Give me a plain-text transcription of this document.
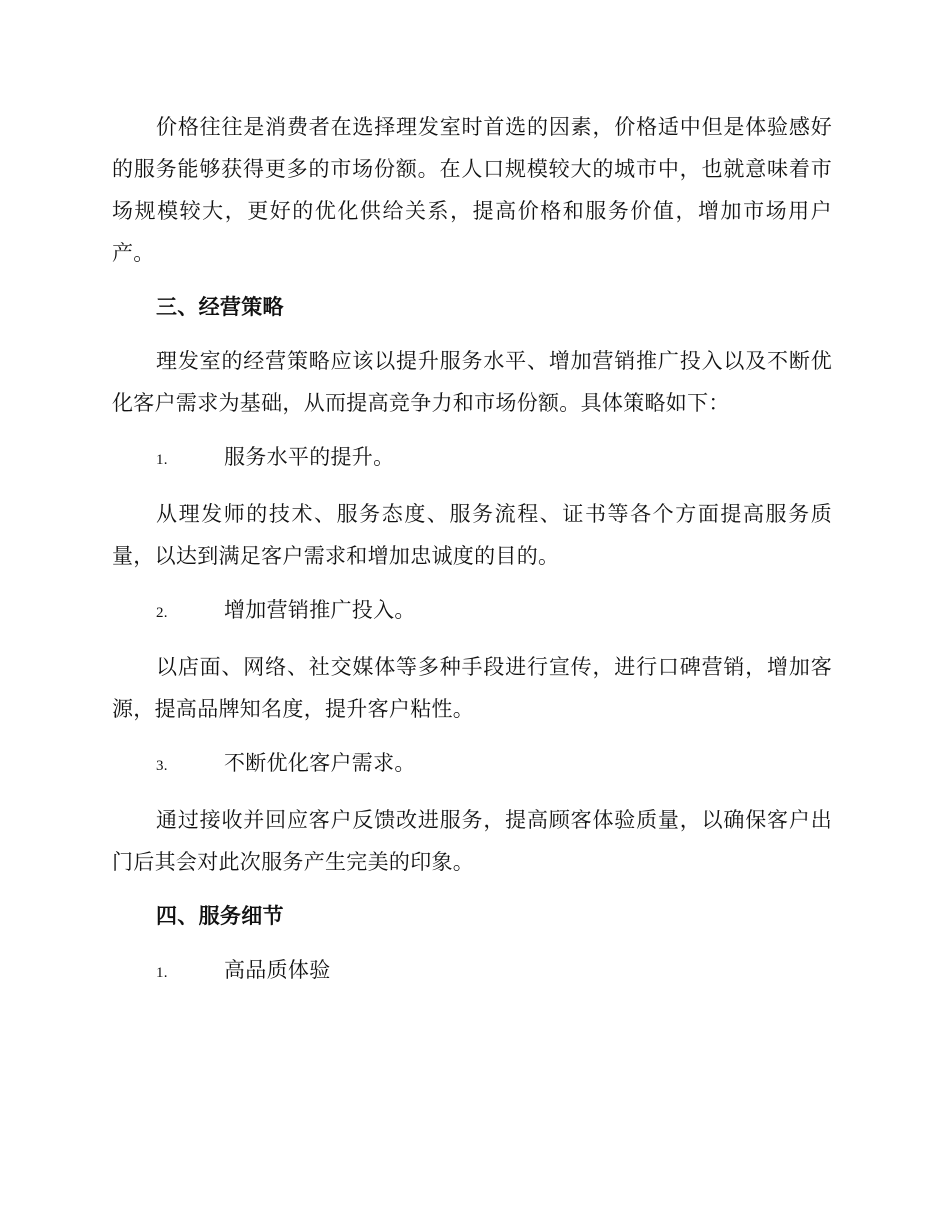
价格往往是消费者在选择理发室时首选的因素，价格适中但是体验感好的服务能够获得更多的市场份额。在人口规模较大的城市中，也就意味着市场规模较大，更好的优化供给关系，提高价格和服务价值，增加市场用户产。

三、经营策略

理发室的经营策略应该以提升服务水平、增加营销推广投入以及不断优化客户需求为基础，从而提高竞争力和市场份额。具体策略如下：

1.	服务水平的提升。

从理发师的技术、服务态度、服务流程、证书等各个方面提高服务质量，以达到满足客户需求和增加忠诚度的目的。

2.	增加营销推广投入。

以店面、网络、社交媒体等多种手段进行宣传，进行口碑营销，增加客源，提高品牌知名度，提升客户粘性。

3.	不断优化客户需求。

通过接收并回应客户反馈改进服务，提高顾客体验质量，以确保客户出门后其会对此次服务产生完美的印象。

四、服务细节

1.	高品质体验
